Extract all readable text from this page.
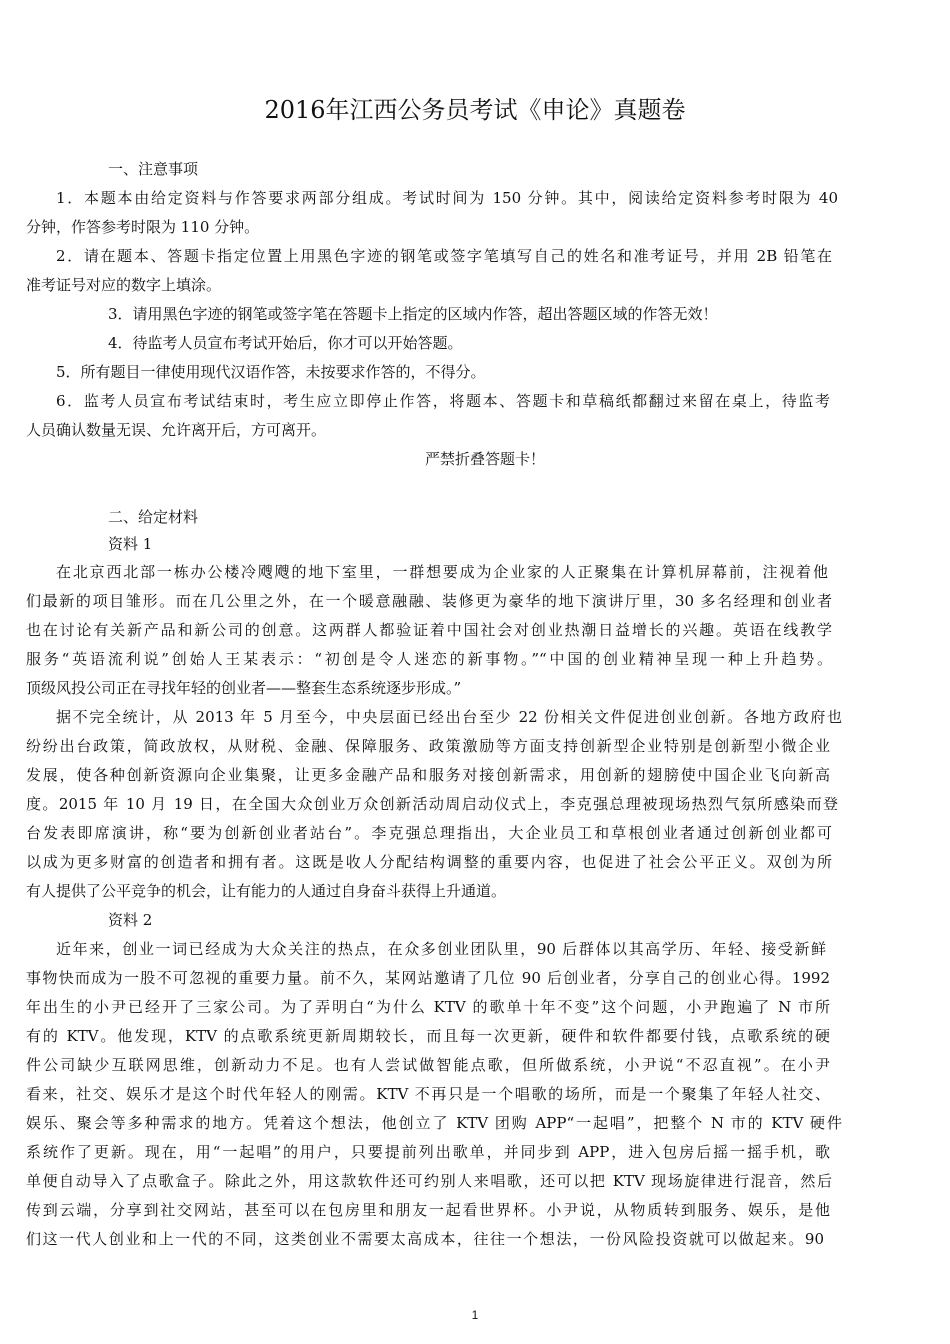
2016年江西公务员考试《申论》真题卷
一、注意事项
1．本题本由给定资料与作答要求两部分组成。考试时间为 150 分钟。其中，阅读给定资料参考时限为 40
分钟，作答参考时限为 110 分钟。
2．请在题本、答题卡指定位置上用黑色字迹的钢笔或签字笔填写自己的姓名和准考证号，并用 2B 铅笔在
准考证号对应的数字上填涂。
3．请用黑色字迹的钢笔或签字笔在答题卡上指定的区域内作答，超出答题区域的作答无效！
4．待监考人员宣布考试开始后，你才可以开始答题。
5．所有题目一律使用现代汉语作答，未按要求作答的，不得分。
6．监考人员宣布考试结束时，考生应立即停止作答，将题本、答题卡和草稿纸都翻过来留在桌上，待监考
人员确认数量无误、允许离开后，方可离开。
严禁折叠答题卡！
二、给定材料
资料 1
在北京西北部一栋办公楼冷飕飕的地下室里，一群想要成为企业家的人正聚集在计算机屏幕前，注视着他
们最新的项目雏形。而在几公里之外，在一个暖意融融、装修更为豪华的地下演讲厅里，30 多名经理和创业者
也在讨论有关新产品和新公司的创意。这两群人都验证着中国社会对创业热潮日益增长的兴趣。英语在线教学
服务“英语流利说”创始人王某表示：“初创是令人迷恋的新事物。”“中国的创业精神呈现一种上升趋势。
顶级风投公司正在寻找年轻的创业者——整套生态系统逐步形成。”
据不完全统计，从 2013 年 5 月至今，中央层面已经出台至少 22 份相关文件促进创业创新。各地方政府也
纷纷出台政策，简政放权，从财税、金融、保障服务、政策激励等方面支持创新型企业特别是创新型小微企业
发展，使各种创新资源向企业集聚，让更多金融产品和服务对接创新需求，用创新的翅膀使中国企业飞向新高
度。2015 年 10 月 19 日，在全国大众创业万众创新活动周启动仪式上，李克强总理被现场热烈气氛所感染而登
台发表即席演讲，称“要为创新创业者站台”。李克强总理指出，大企业员工和草根创业者通过创新创业都可
以成为更多财富的创造者和拥有者。这既是收人分配结构调整的重要内容，也促进了社会公平正义。双创为所
有人提供了公平竞争的机会，让有能力的人通过自身奋斗获得上升通道。
资料 2
近年来，创业一词已经成为大众关注的热点，在众多创业团队里，90 后群体以其高学历、年轻、接受新鲜
事物快而成为一股不可忽视的重要力量。前不久，某网站邀请了几位 90 后创业者，分享自己的创业心得。1992
年出生的小尹已经开了三家公司。为了弄明白“为什么 KTV 的歌单十年不变”这个问题，小尹跑遍了 N 市所
有的 KTV。他发现，KTV 的点歌系统更新周期较长，而且每一次更新，硬件和软件都要付钱，点歌系统的硬
件公司缺少互联网思维，创新动力不足。也有人尝试做智能点歌，但所做系统，小尹说“不忍直视”。在小尹
看来，社交、娱乐才是这个时代年轻人的刚需。KTV 不再只是一个唱歌的场所，而是一个聚集了年轻人社交、
娱乐、聚会等多种需求的地方。凭着这个想法，他创立了 KTV 团购 APP“一起唱”，把整个 N 市的 KTV 硬件
系统作了更新。现在，用“一起唱”的用户，只要提前列出歌单，并同步到 APP，进入包房后摇一摇手机，歌
单便自动导入了点歌盒子。除此之外，用这款软件还可约别人来唱歌，还可以把 KTV 现场旋律进行混音，然后
传到云端，分享到社交网站，甚至可以在包房里和朋友一起看世界杯。小尹说，从物质转到服务、娱乐，是他
们这一代人创业和上一代的不同，这类创业不需要太高成本，往往一个想法，一份风险投资就可以做起来。90
1
